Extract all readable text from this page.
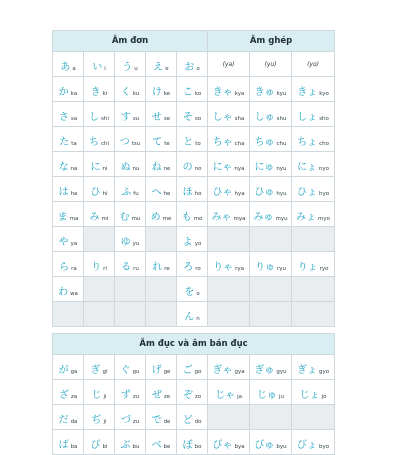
Âm đơn					Âm ghép		
あ a	い i	う u	え e	お o	(ya)	(yu)	(yo)
か ka	き ki	く ku	け ke	こ ko	きゃ kya	きゅ kyu	きょ kyo
さ sa	し shi	す su	せ se	そ so	しゃ sha	しゅ shu	しょ sho
た ta	ち chi	つ tsu	て te	と to	ちゃ cha	ちゅ chu	ちょ cho
な na	に ni	ぬ nu	ね ne	の no	にゃ nya	にゅ nyu	にょ nyo
は ha	ひ hi	ふ fu	へ he	ほ ho	ひゃ hya	ひゅ hyu	ひょ hyo
ま ma	み mi	む mu	め me	も mo	みゃ mya	みゅ myu	みょ myo
や ya		ゆ yu		よ yo			
ら ra	り ri	る ru	れ re	ろ ro	りゃ rya	りゅ ryu	りょ ryo
わ wa				を o			
				ん n			

Âm đục và âm bán đục							
が ga	ぎ gi	ぐ gu	げ ge	ご go	ぎゃ gya	ぎゅ gyu	ぎょ gyo
ざ za	じ ji	ず zu	ぜ ze	ぞ zo	じゃ ja	じゅ ju	じょ jo
だ da	ぢ ji	づ zu	で de	ど do			
ば ba	び bi	ぶ bu	べ be	ぼ bo	びゃ bya	びゅ byu	びょ byo
